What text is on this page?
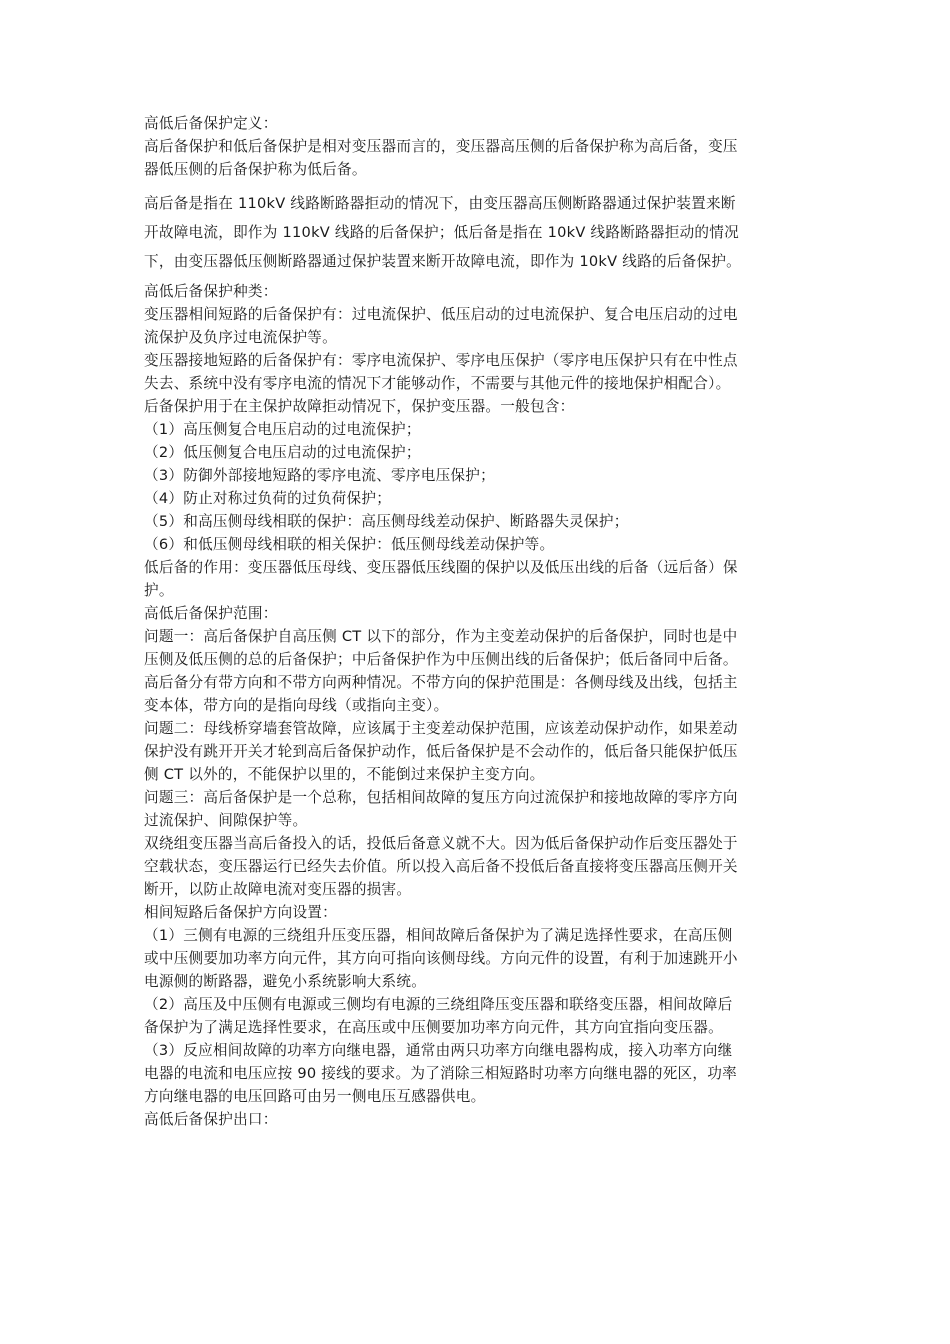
高低后备保护定义：

高后备保护和低后备保护是相对变压器而言的，变压器高压侧的后备保护称为高后备，变压

器低压侧的后备保护称为低后备。

高后备是指在 110kV 线路断路器拒动的情况下，由变压器高压侧断路器通过保护装置来断

开故障电流，即作为 110kV 线路的后备保护；低后备是指在 10kV 线路断路器拒动的情况

下，由变压器低压侧断路器通过保护装置来断开故障电流，即作为 10kV 线路的后备保护。

高低后备保护种类：

变压器相间短路的后备保护有：过电流保护、低压启动的过电流保护、复合电压启动的过电

流保护及负序过电流保护等。

变压器接地短路的后备保护有：零序电流保护、零序电压保护（零序电压保护只有在中性点

失去、系统中没有零序电流的情况下才能够动作，不需要与其他元件的接地保护相配合）。

后备保护用于在主保护故障拒动情况下，保护变压器。一般包含：

（1）高压侧复合电压启动的过电流保护；

（2）低压侧复合电压启动的过电流保护；

（3）防御外部接地短路的零序电流、零序电压保护；

（4）防止对称过负荷的过负荷保护；

（5）和高压侧母线相联的保护：高压侧母线差动保护、断路器失灵保护；

（6）和低压侧母线相联的相关保护：低压侧母线差动保护等。

低后备的作用：变压器低压母线、变压器低压线圈的保护以及低压出线的后备（远后备）保

护。

高低后备保护范围：

问题一：高后备保护自高压侧 CT 以下的部分，作为主变差动保护的后备保护，同时也是中

压侧及低压侧的总的后备保护；中后备保护作为中压侧出线的后备保护；低后备同中后备。

高后备分有带方向和不带方向两种情况。不带方向的保护范围是：各侧母线及出线，包括主

变本体，带方向的是指向母线（或指向主变）。

问题二：母线桥穿墙套管故障，应该属于主变差动保护范围，应该差动保护动作，如果差动

保护没有跳开开关才轮到高后备保护动作，低后备保护是不会动作的，低后备只能保护低压

侧 CT 以外的，不能保护以里的，不能倒过来保护主变方向。

问题三：高后备保护是一个总称，包括相间故障的复压方向过流保护和接地故障的零序方向

过流保护、间隙保护等。

双绕组变压器当高后备投入的话，投低后备意义就不大。因为低后备保护动作后变压器处于

空载状态，变压器运行已经失去价值。所以投入高后备不投低后备直接将变压器高压侧开关

断开，以防止故障电流对变压器的损害。

相间短路后备保护方向设置：

（1）三侧有电源的三绕组升压变压器，相间故障后备保护为了满足选择性要求，在高压侧

或中压侧要加功率方向元件，其方向可指向该侧母线。方向元件的设置，有利于加速跳开小

电源侧的断路器，避免小系统影响大系统。

（2）高压及中压侧有电源或三侧均有电源的三绕组降压变压器和联络变压器，相间故障后

备保护为了满足选择性要求，在高压或中压侧要加功率方向元件，其方向宜指向变压器。

（3）反应相间故障的功率方向继电器，通常由两只功率方向继电器构成，接入功率方向继

电器的电流和电压应按 90 接线的要求。为了消除三相短路时功率方向继电器的死区，功率

方向继电器的电压回路可由另一侧电压互感器供电。

高低后备保护出口：
